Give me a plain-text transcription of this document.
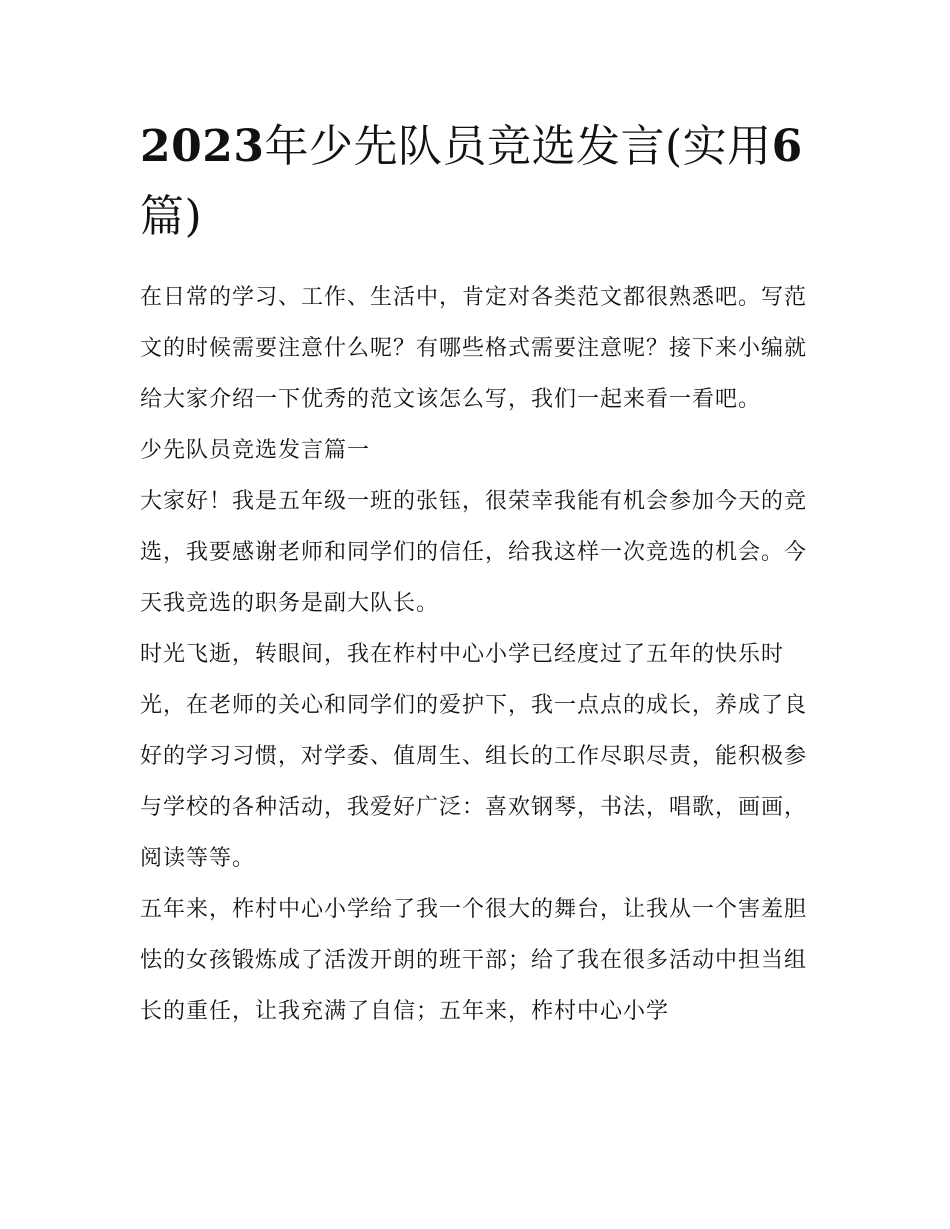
2023年少先队员竞选发言(实用6篇)

在日常的学习、工作、生活中，肯定对各类范文都很熟悉吧。写范文的时候需要注意什么呢？有哪些格式需要注意呢？接下来小编就给大家介绍一下优秀的范文该怎么写，我们一起来看一看吧。

少先队员竞选发言篇一

大家好！我是五年级一班的张钰，很荣幸我能有机会参加今天的竞选，我要感谢老师和同学们的信任，给我这样一次竞选的机会。今天我竞选的职务是副大队长。

时光飞逝，转眼间，我在柞村中心小学已经度过了五年的快乐时光，在老师的关心和同学们的爱护下，我一点点的成长，养成了良好的学习习惯，对学委、值周生、组长的工作尽职尽责，能积极参与学校的各种活动，我爱好广泛：喜欢钢琴，书法，唱歌，画画，阅读等等。

五年来，柞村中心小学给了我一个很大的舞台，让我从一个害羞胆怯的女孩锻炼成了活泼开朗的班干部；给了我在很多活动中担当组长的重任，让我充满了自信；五年来，柞村中心小学
